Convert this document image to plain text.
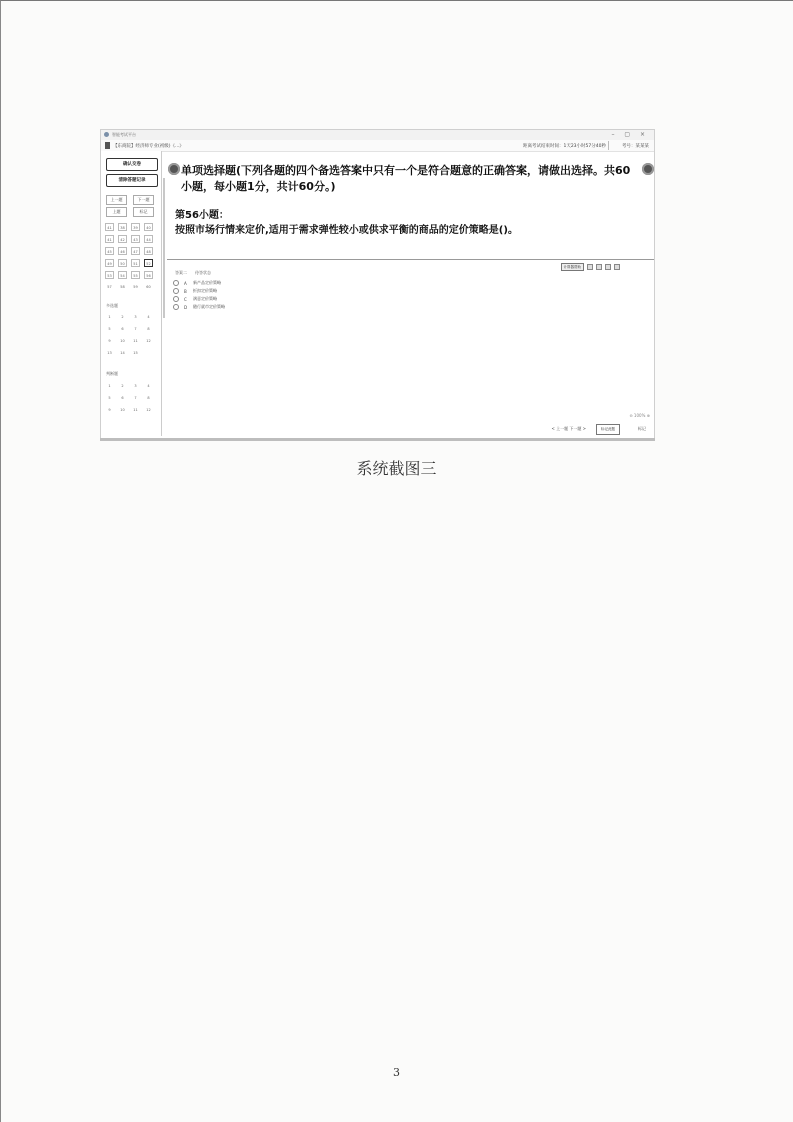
智能考试平台	– ▢ ×
【东商院】经济师专业(初级)《...》	距离考试结束时间：1天23小时57分40秒	考号：某某某
确认交卷
清除答题记录
上一题	下一题
上题	标记
41	38	39	40
41	42	43	44
45	46	47	48
49	50	51	52
53	54	55	56
57	58	59	60
多选题
1	2	3	4
5	6	7	8
9	10	11	12
13	14	15
判断题
1	2	3	4
5	6	7	8
9	10	11	12
单项选择题(下列各题的四个备选答案中只有一个是符合题意的正确答案，请做出选择。共60小题，每小题1分，共计60分。)
第56小题：
按照市场行情来定价,适用于需求弹性较小或供求平衡的商品的定价策略是()。
计算器帮助
答案二 待答状态
A	新产品定价策略
B	折扣定价策略
C	满意定价策略
D	随行就市定价策略
⊖ 100% ⊕
< 上一题 下一题 >	标记此题	标记
系统截图三
3
